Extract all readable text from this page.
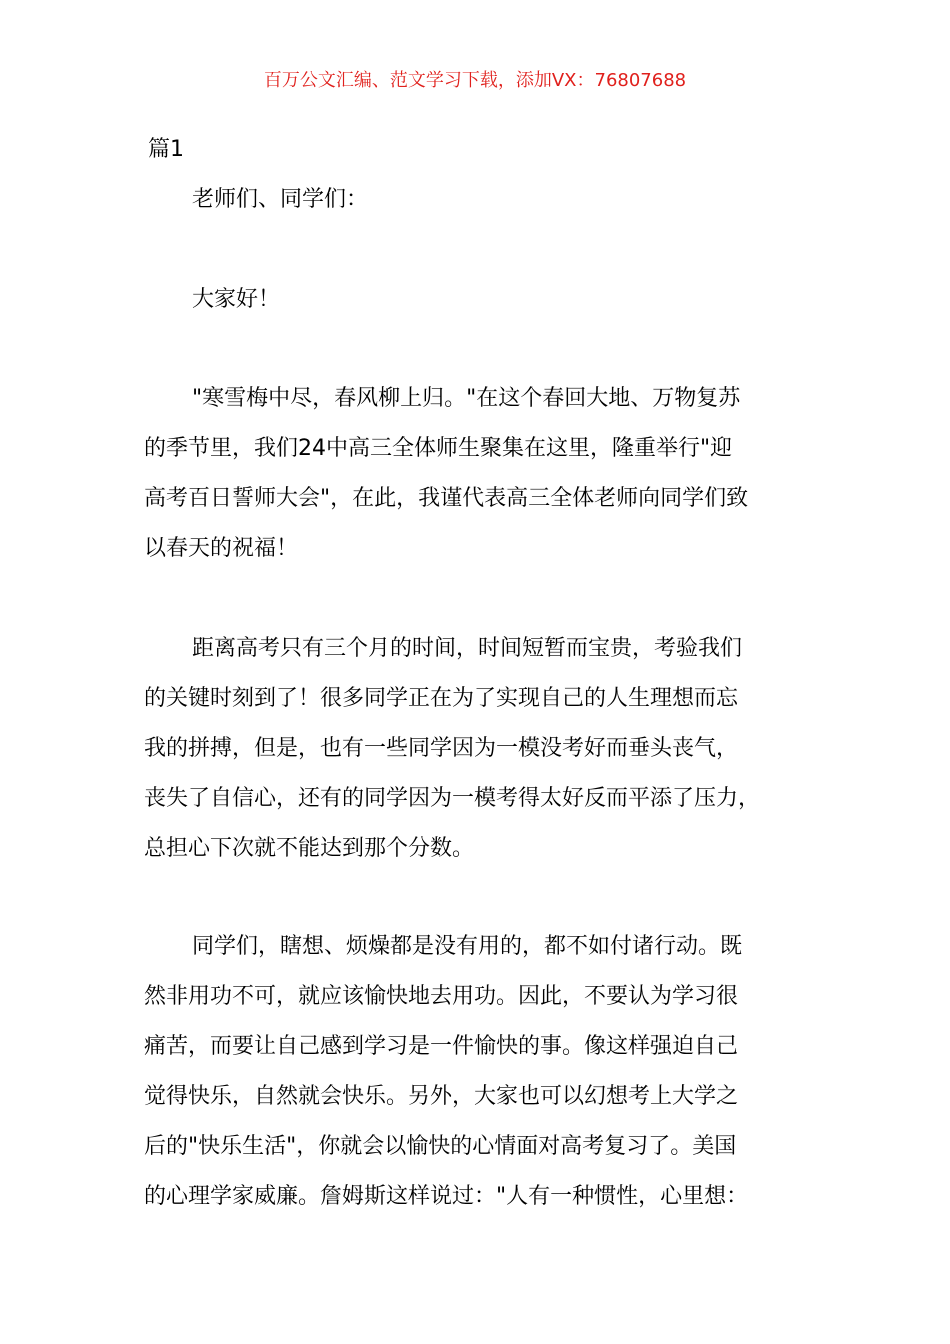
百万公文汇编、范文学习下载，添加VX：76807688
篇1
老师们、同学们：
大家好！
"寒雪梅中尽，春风柳上归。"在这个春回大地、万物复苏
的季节里，我们24中高三全体师生聚集在这里，隆重举行"迎
高考百日誓师大会"，在此，我谨代表高三全体老师向同学们致
以春天的祝福！
距离高考只有三个月的时间，时间短暂而宝贵，考验我们
的关键时刻到了！很多同学正在为了实现自己的人生理想而忘
我的拼搏，但是，也有一些同学因为一模没考好而垂头丧气，
丧失了自信心，还有的同学因为一模考得太好反而平添了压力，
总担心下次就不能达到那个分数。
同学们，瞎想、烦燥都是没有用的，都不如付诸行动。既
然非用功不可，就应该愉快地去用功。因此，不要认为学习很
痛苦，而要让自己感到学习是一件愉快的事。像这样强迫自己
觉得快乐，自然就会快乐。另外，大家也可以幻想考上大学之
后的"快乐生活"，你就会以愉快的心情面对高考复习了。美国
的心理学家威廉。詹姆斯这样说过："人有一种惯性，心里想：
